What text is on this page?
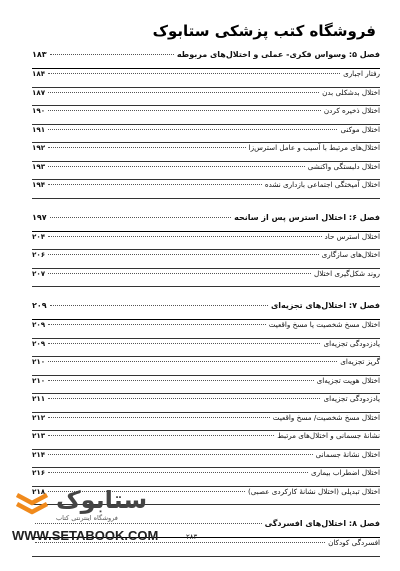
فروشگاه کتب پزشکی ستابوک
فصل ۵: وسواس فکری- عملی و اختلال‌های مربوطه
۱۸۳
رفتار اجباری
۱۸۴
اختلال بدشکلی بدن
۱۸۷
اختلال ذخیره کردن
۱۹۰
اختلال موکنی
۱۹۱
اختلال‌های مرتبط با آسیب و عامل استرس‌زا
۱۹۲
اختلال دلبستگی واکنشی
۱۹۳
اختلال آمیختگی اجتماعی بازداری نشده
۱۹۴
فصل ۶: اختلال استرس پس از سانحه
۱۹۷
اختلال استرس حاد
۲۰۴
اختلال‌های سازگاری
۲۰۶
روند شکل‌گیری اختلال
۲۰۷
فصل ۷: اختلال‌های تجزیه‌ای
۲۰۹
اختلال مسخ شخصیت یا مسخ واقعیت
۲۰۹
یادزدودگی تجزیه‌ای
۲۰۹
گریز تجزیه‌ای
۲۱۰
اختلال هویت تجزیه‌ای
۲۱۰
یادزدودگی تجزیه‌ای
۲۱۱
اختلال مسخ شخصیت/ مسخ واقعیت
۲۱۲
نشانهٔ جسمانی و اختلال‌های مرتبط
۲۱۳
اختلال نشانهٔ جسمانی
۲۱۴
اختلال اضطراب بیماری
۲۱۶
اختلال تبدیلی (اختلال نشانهٔ کارکردی عصبی)
۲۱۸
فصل ۸: اختلال‌های افسردگی
افسردگی کودکان
ستابوک
فروشگاه اینترنتی کتاب
WWW.SETABOOK.COM	۲۸۳
